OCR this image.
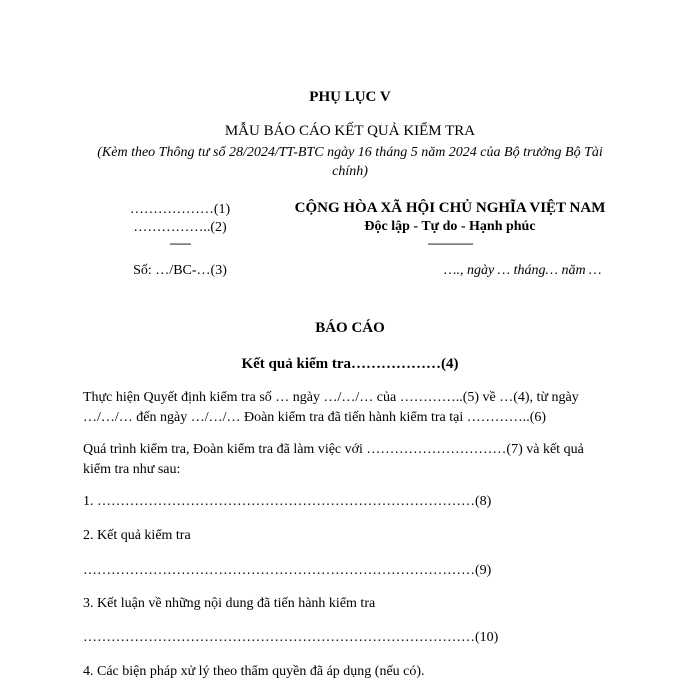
PHỤ LỤC V
MẪU BÁO CÁO KẾT QUẢ KIỂM TRA
(Kèm theo Thông tư số 28/2024/TT-BTC ngày 16 tháng 5 năm 2024 của Bộ trưởng Bộ Tài chính)
………………(1)
……………..(2)
-------
Số: …/BC-…(3)
CỘNG HÒA XÃ HỘI CHỦ NGHĨA VIỆT NAM
Độc lập - Tự do - Hạnh phúc
---------------
…., ngày … tháng… năm …
BÁO CÁO
Kết quả kiểm tra………………(4)
Thực hiện Quyết định kiểm tra số … ngày …/…/… của …………..(5) về …(4), từ ngày …/…/… đến ngày …/…/… Đoàn kiểm tra đã tiến hành kiểm tra tại …………..(6)
Quá trình kiểm tra, Đoàn kiểm tra đã làm việc với …………………………(7) và kết quả kiểm tra như sau:
1. ………………………………………………………………………(8)
2. Kết quả kiểm tra
…………………………………………………………………………(9)
3. Kết luận về những nội dung đã tiến hành kiểm tra
…………………………………………………………………………(10)
4. Các biện pháp xử lý theo thẩm quyền đã áp dụng (nếu có).
